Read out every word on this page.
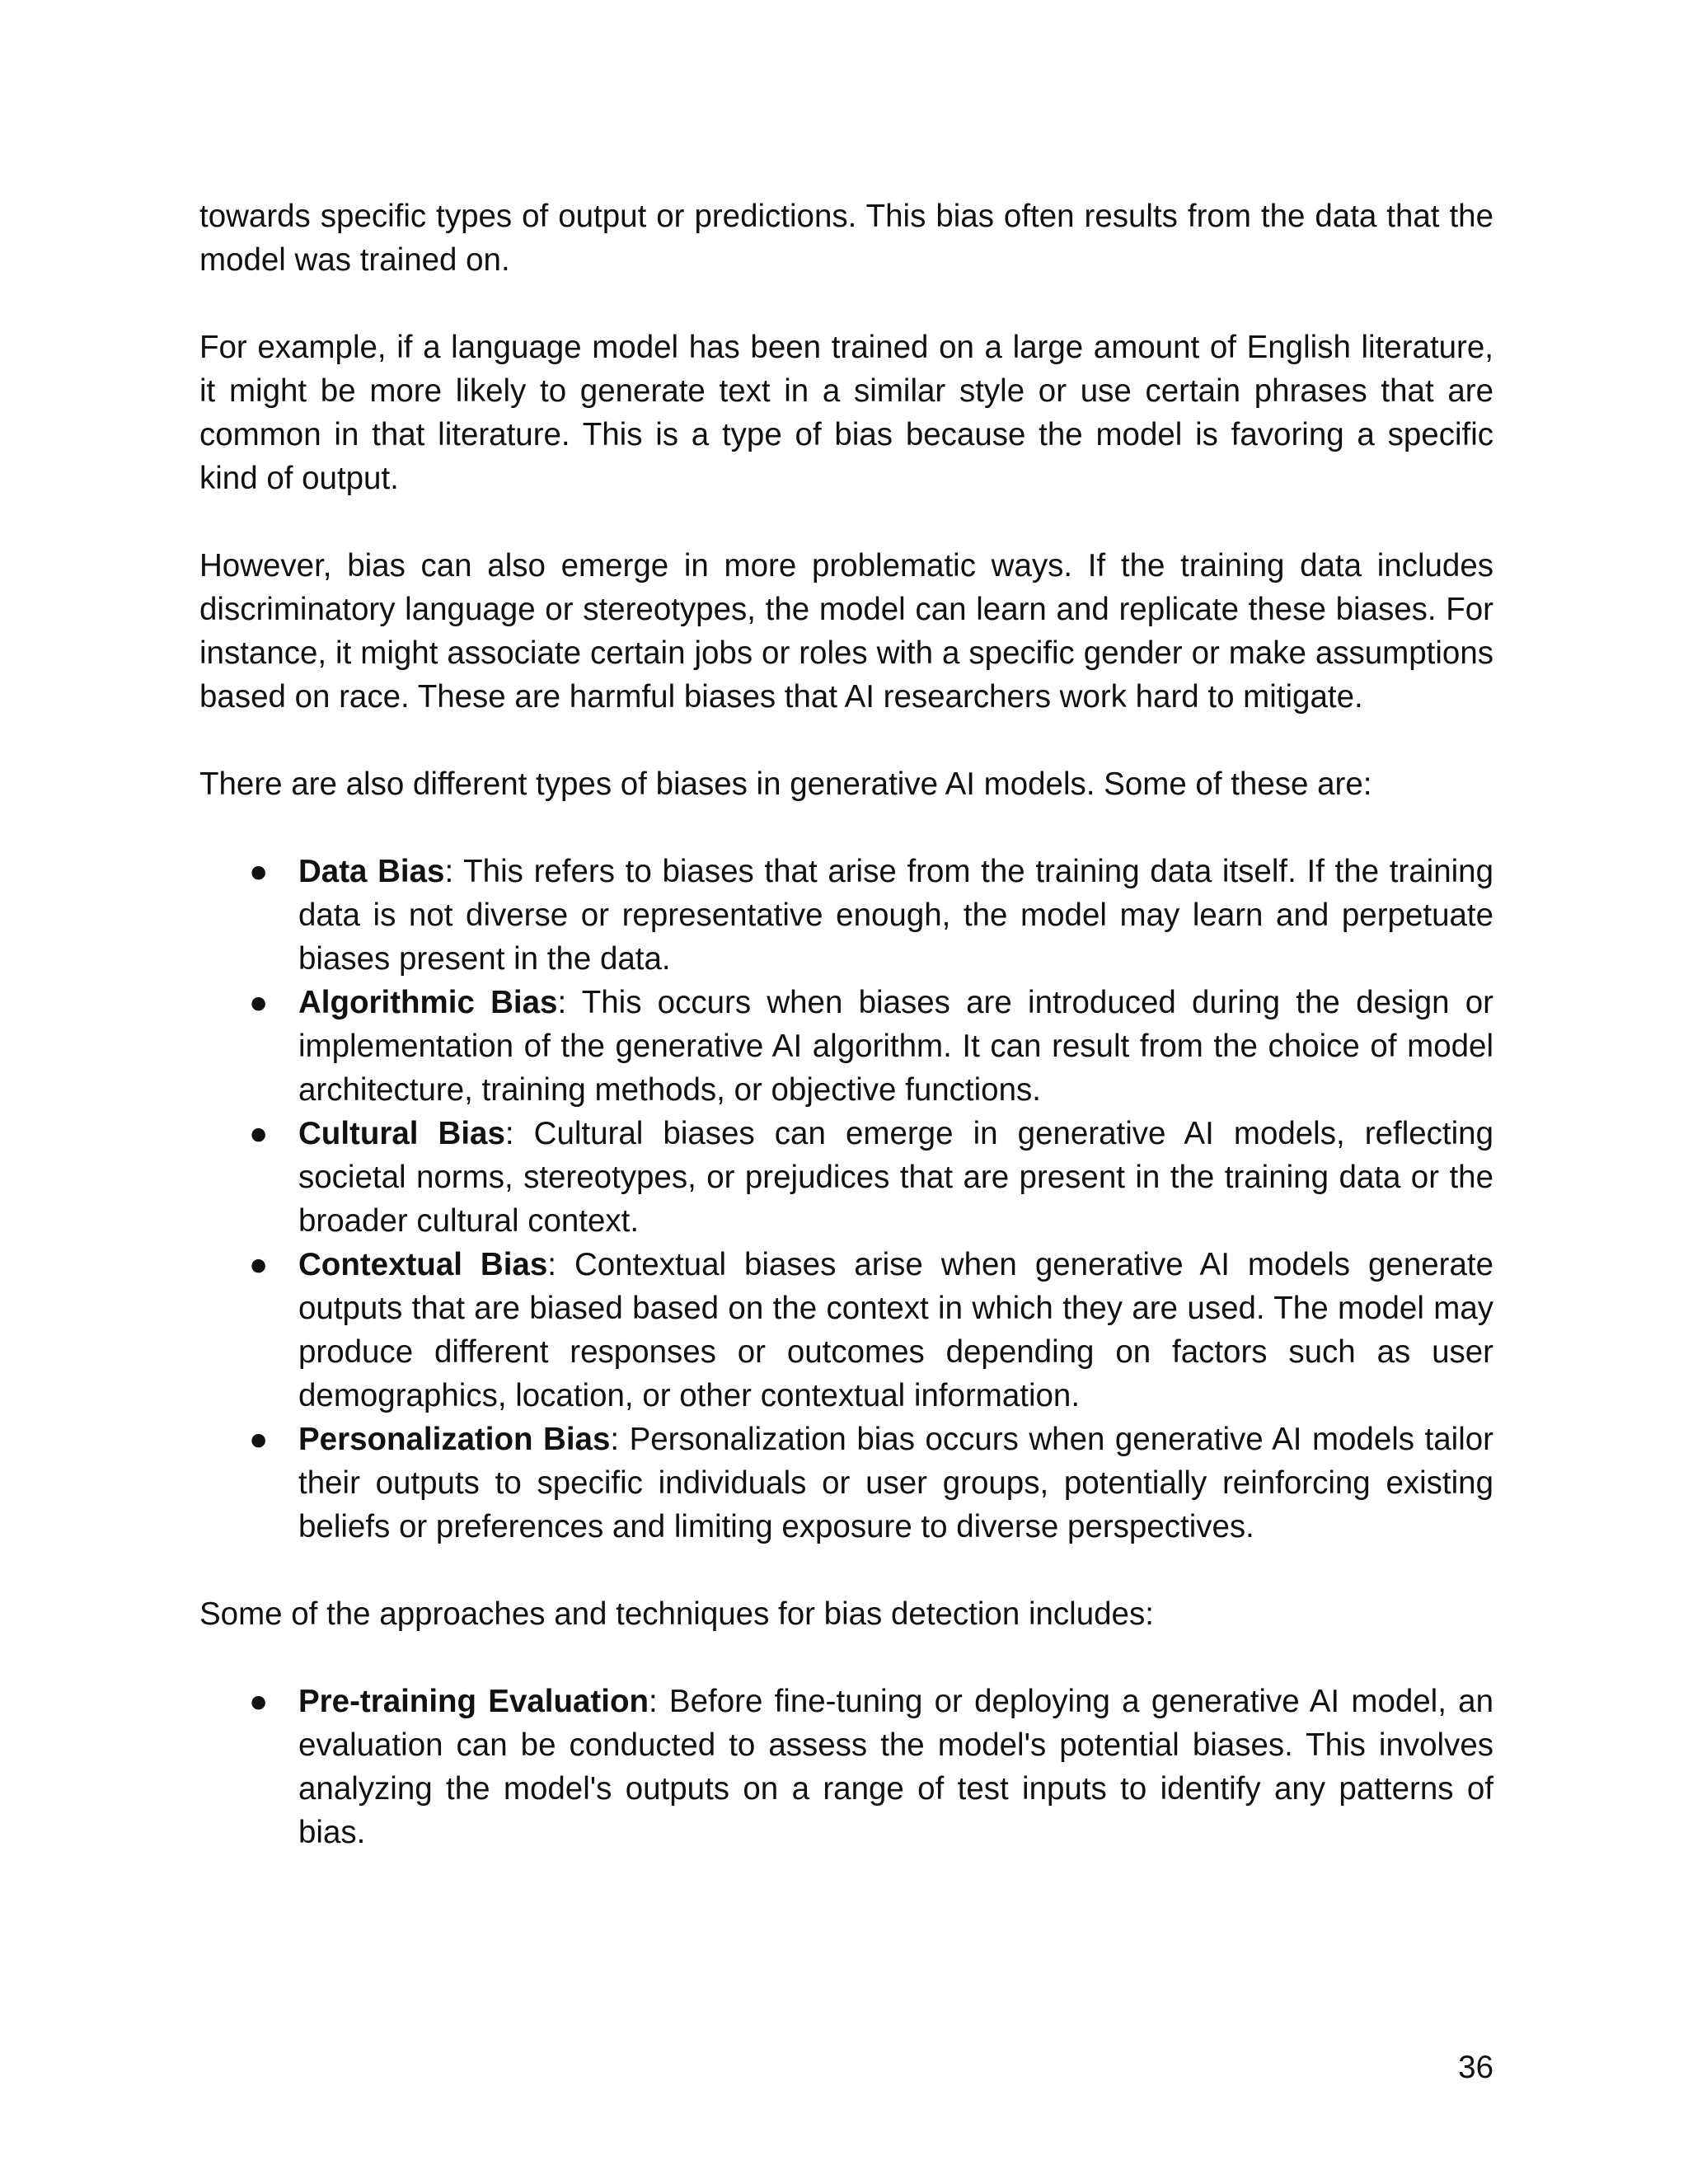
towards specific types of output or predictions. This bias often results from the data that the model was trained on.

For example, if a language model has been trained on a large amount of English literature, it might be more likely to generate text in a similar style or use certain phrases that are common in that literature. This is a type of bias because the model is favoring a specific kind of output.

However, bias can also emerge in more problematic ways. If the training data includes discriminatory language or stereotypes, the model can learn and replicate these biases. For instance, it might associate certain jobs or roles with a specific gender or make assumptions based on race. These are harmful biases that AI researchers work hard to mitigate.

There are also different types of biases in generative AI models. Some of these are:

● Data Bias: This refers to biases that arise from the training data itself. If the training data is not diverse or representative enough, the model may learn and perpetuate biases present in the data.
● Algorithmic Bias: This occurs when biases are introduced during the design or implementation of the generative AI algorithm. It can result from the choice of model architecture, training methods, or objective functions.
● Cultural Bias: Cultural biases can emerge in generative AI models, reflecting societal norms, stereotypes, or prejudices that are present in the training data or the broader cultural context.
● Contextual Bias: Contextual biases arise when generative AI models generate outputs that are biased based on the context in which they are used. The model may produce different responses or outcomes depending on factors such as user demographics, location, or other contextual information.
● Personalization Bias: Personalization bias occurs when generative AI models tailor their outputs to specific individuals or user groups, potentially reinforcing existing beliefs or preferences and limiting exposure to diverse perspectives.

Some of the approaches and techniques for bias detection includes:

● Pre-training Evaluation: Before fine-tuning or deploying a generative AI model, an evaluation can be conducted to assess the model's potential biases. This involves analyzing the model's outputs on a range of test inputs to identify any patterns of bias.
36
